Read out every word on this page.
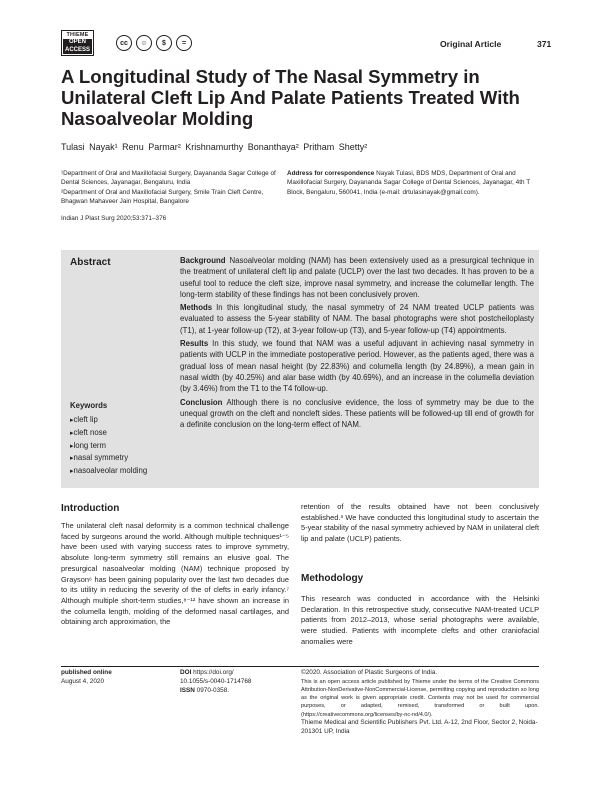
THIEME
OPEN
ACCESS
cc	☺	$	=	Original Article	371
A Longitudinal Study of The Nasal Symmetry in Unilateral Cleft Lip And Palate Patients Treated With Nasoalveolar Molding
Tulasi Nayak¹ Renu Parmar² Krishnamurthy Bonanthaya² Pritham Shetty²
¹Department of Oral and Maxillofacial Surgery, Dayananda Sagar College of Dental Sciences, Jayanagar, Bengaluru, India
²Department of Oral and Maxillofacial Surgery, Smile Train Cleft Centre, Bhagwan Mahaveer Jain Hospital, Bangalore
Address for correspondence Nayak Tulasi, BDS MDS, Department of Oral and Maxillofacial Surgery, Dayananda Sagar College of Dental Sciences, Jayanagar, 4th T Block, Bengaluru, 560041, India (e-mail: drtulasinayak@gmail.com).
Indian J Plast Surg 2020;53:371–376
Abstract	Background Nasoalveolar molding (NAM) has been extensively used as a presurgical technique in the treatment of unilateral cleft lip and palate (UCLP) over the last two decades. It has proven to be a useful tool to reduce the cleft size, improve nasal symmetry, and increase the columellar length. The long-term stability of these findings has not been conclusively proven.

Methods In this longitudinal study, the nasal symmetry of 24 NAM treated UCLP patients was evaluated to assess the 5-year stability of NAM. The basal photographs were shot postcheiloplasty (T1), at 1-year follow-up (T2), at 3-year follow-up (T3), and 5-year follow-up (T4) appointments.

Results In this study, we found that NAM was a useful adjuvant in achieving nasal symmetry in patients with UCLP in the immediate postoperative period. However, as the patients aged, there was a gradual loss of mean nasal height (by 22.83%) and columella length (by 24.89%), a mean gain in nasal width (by 40.25%) and alar base width (by 40.69%), and an increase in the columella deviation (by 3.46%) from the T1 to the T4 follow-up.

Conclusion Although there is no conclusive evidence, the loss of symmetry may be due to the unequal growth on the cleft and noncleft sides. These patients will be followed-up till end of growth for a definite conclusion on the long-term effect of NAM.

Keywords
▸ cleft lip
▸ cleft nose
▸ long term
▸ nasal symmetry
▸ nasoalveolar molding
Introduction
The unilateral cleft nasal deformity is a common technical challenge faced by surgeons around the world. Although multiple techniques¹⁻⁵ have been used with varying success rates to improve symmetry, absolute long-term symmetry still remains an elusive goal. The presurgical nasoalveolar molding (NAM) technique proposed by Grayson⁶ has been gaining popularity over the last two decades due to its utility in reducing the severity of the of clefts in early infancy.⁷ Although multiple short-term studies,⁸⁻¹² have shown an increase in the columella length, molding of the deformed nasal cartilages, and obtaining arch approximation, the
retention of the results obtained have not been conclusively established.³ We have conducted this longitudinal study to ascertain the 5-year stability of the nasal symmetry achieved by NAM in unilateral cleft lip and palate (UCLP) patients.
Methodology
This research was conducted in accordance with the Helsinki Declaration. In this retrospective study, consecutive NAM-treated UCLP patients from 2012–2013, whose serial photographs were available, were studied. Patients with incomplete clefts and other craniofacial anomalies were
published online
August 4, 2020
DOI https://doi.org/
10.1055/s-0040-1714768
ISSN 0970-0358.
©2020. Association of Plastic Surgeons of India.
This is an open access article published by Thieme under the terms of the Creative Commons Attribution-NonDerivative-NonCommercial-License, permitting copying and reproduction so long as the original work is given appropriate credit. Contents may not be used for commercial purposes, or adapted, remixed, transformed or built upon. (https://creativecommons.org/licenses/by-nc-nd/4.0/).
Thieme Medical and Scientific Publishers Pvt. Ltd. A-12, 2nd Floor, Sector 2, Noida-201301 UP, India
